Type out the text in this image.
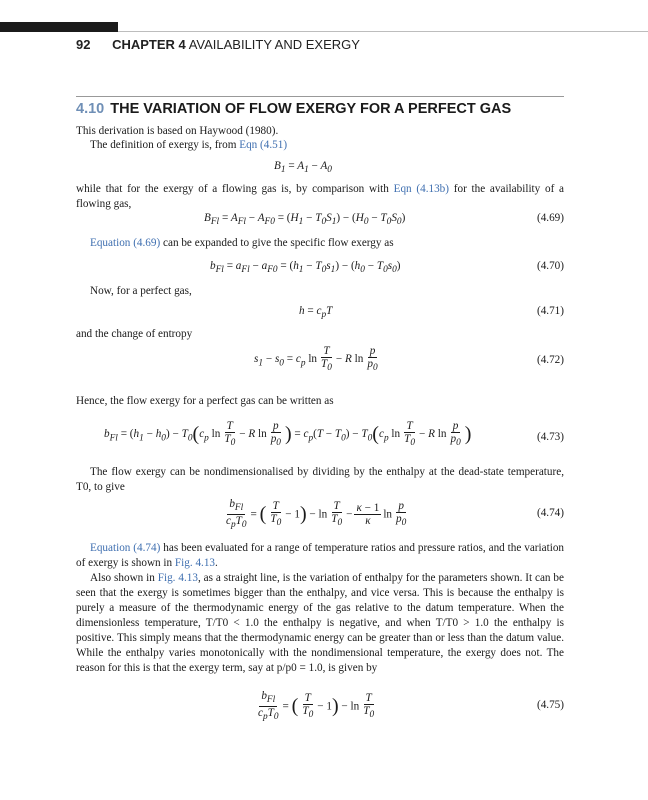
92 CHAPTER 4 AVAILABILITY AND EXERGY
4.10 THE VARIATION OF FLOW EXERGY FOR A PERFECT GAS
This derivation is based on Haywood (1980).
The definition of exergy is, from Eqn (4.51)
$B_1 = A_1 - A_0$
while that for the exergy of a flowing gas is, by comparison with Eqn (4.13b) for the availability of a flowing gas,
$B_{Fl} = A_{Fl} - A_{F0} = (H_1 - T_0S_1) - (H_0 - T_0S_0)$	(4.69)
Equation (4.69) can be expanded to give the specific flow exergy as
$b_{Fl} = a_{Fl} - a_{F0} = (h_1 - T_0s_1) - (h_0 - T_0s_0)$	(4.70)
Now, for a perfect gas,
$h = c_pT$	(4.71)
and the change of entropy
$s_1 - s_0 = c_p$ $\ln \frac{T}{T_0} - R$ $\ln \frac{p}{p_0}$	(4.72)
Hence, the flow exergy for a perfect gas can be written as
$b_{Fl} = (h_1 - h_0) - T_0(c_p$ $\ln \frac{T}{T_0} - R$ $\ln \frac{p}{p_0}$ ) = $c_p(T - T_0) - T_0(c_p$ $\ln \frac{T}{T_0} - R$ $\ln \frac{p}{p_0}$ )	(4.73)
The flow exergy can be nondimensionalised by dividing by the enthalpy at the dead-state temperature, T0, to give
$\frac{b_{Fl}}{c_pT_0}$ = ( $\frac{T}{T_0} - 1) - \ln \frac{T}{T_0} - \frac{\kappa - 1}{\kappa}$ $\ln \frac{p}{p_0}$	(4.74)
Equation (4.74) has been evaluated for a range of temperature ratios and pressure ratios, and the variation of exergy is shown in Fig. 4.13.
Also shown in Fig. 4.13, as a straight line, is the variation of enthalpy for the parameters shown. It can be seen that the exergy is sometimes bigger than the enthalpy, and vice versa. This is because the enthalpy is purely a measure of the thermodynamic energy of the gas relative to the datum temperature. When the dimensionless temperature, T/T0 < 1.0 the enthalpy is negative, and when T/T0 > 1.0 the enthalpy is positive. This simply means that the thermodynamic energy can be greater than or less than the datum value. While the enthalpy varies monotonically with the nondimensional temperature, the exergy does not. The reason for this is that the exergy term, say at p/p0 = 1.0, is given by
$\frac{b_{Fl}}{c_pT_0}$ = ( $\frac{T}{T_0} - 1) - \ln \frac{T}{T_0}$	(4.75)
